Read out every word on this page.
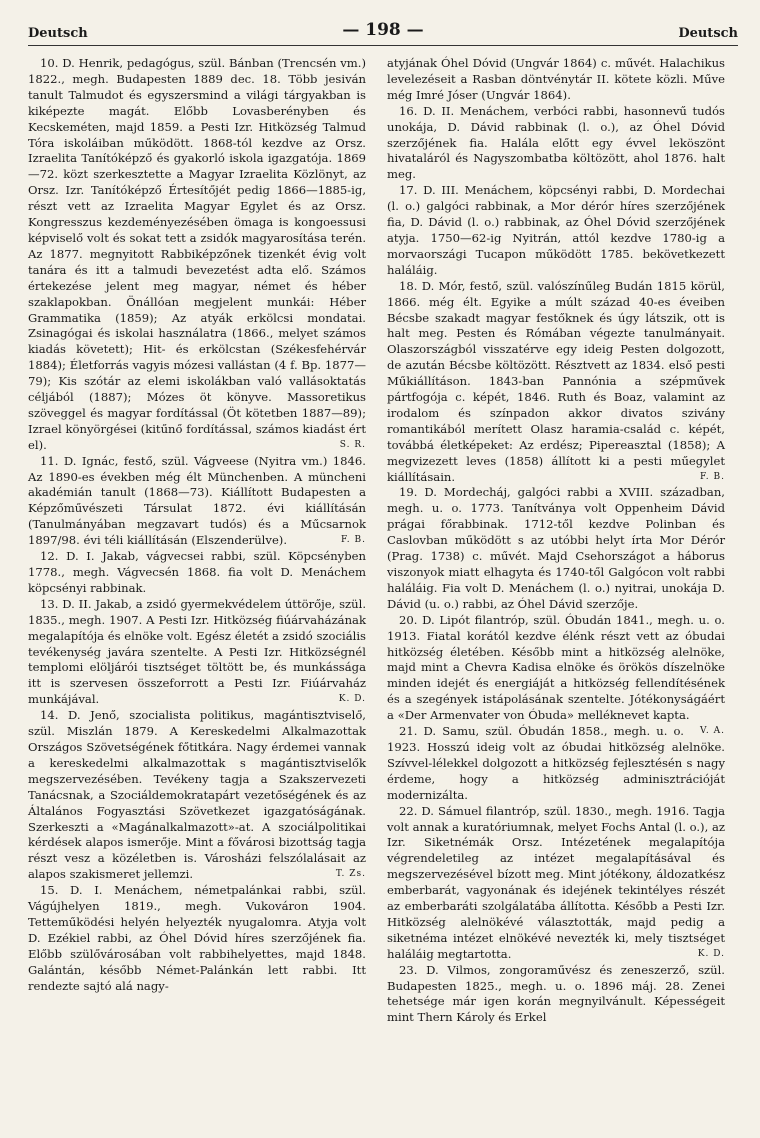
Deutsch	— 198 —	Deutsch

10. D. Henrik, pedagógus, szül. Bánban (Trencsén vm.) 1822., megh. Budapesten 1889 dec. 18. Több jesiván tanult Talmudot és egyszersmind a világi tárgyakban is kiképezte magát. Előbb Lovasberényben és Kecskeméten, majd 1859. a Pesti Izr. Hitközség Talmud Tóra iskoláiban működött. 1868-tól kezdve az Orsz. Izraelita Tanítóképző és gyakorló iskola igazgatója. 1869—72. közt szerkesztette a Magyar Izraelita Közlönyt, az Orsz. Izr. Tanítóképző Értesítőjét pedig 1866—1885-ig, részt vett az Izraelita Magyar Egylet és az Orsz. Kongresszus kezdeményezésében ömaga is kongoessusi képviselő volt és sokat tett a zsidók magyarosítása terén. Az 1877. megnyitott Rabbiképzőnek tizenkét évig volt tanára és itt a talmudi bevezetést adta elő. Számos értekezése jelent meg magyar, német és héber szaklapokban. Önállóan megjelent munkái: Héber Grammatika (1859); Az atyák erkölcsi mondatai. Zsinagógai és iskolai használatra (1866., melyet számos kiadás követett); Hit- és erkölcstan (Székesfehérvár 1884); Életforrás vagyis mózesi vallástan (4 f. Bp. 1877—79); Kis szótár az elemi iskolákban való vallásoktatás céljából (1887); Mózes öt könyve. Massoretikus szöveggel és magyar fordítással (Öt kötetben 1887—89); Izrael könyörgései (kitűnő fordítással, számos kiadást ért el).	S. R.

11. D. Ignác, festő, szül. Vágveese (Nyitra vm.) 1846. Az 1890-es években még élt Münchenben. A müncheni akadémián tanult (1868—73). Kiállított Budapesten a Képzőművészeti Társulat 1872. évi kiállításán (Tanulmányában megzavart tudós) és a Műcsarnok 1897/98. évi téli kiállításán (Elszenderülve).	F. B.

12. D. I. Jakab, vágvecsei rabbi, szül. Köpcsényben 1778., megh. Vágvecsén 1868. fia volt D. Menáchem köpcsényi rabbinak.

13. D. II. Jakab, a zsidó gyermekvédelem úttörője, szül. 1835., megh. 1907. A Pesti Izr. Hitközség fiúárvaházának megalapítója és elnöke volt. Egész életét a zsidó szociális tevékenység javára szentelte. A Pesti Izr. Hitközségnél templomi elöljárói tisztséget töltött be, és munkássága itt is szervesen összeforrott a Pesti Izr. Fiúárvaház munkájával.	K. D.

14. D. Jenő, szocialista politikus, magántisztviselő, szül. Miszlán 1879. A Kereskedelmi Alkalmazottak Országos Szövetségének főtitkára. Nagy érdemei vannak a kereskedelmi alkalmazottak s magántisztviselők megszervezésében. Tevékeny tagja a Szakszervezeti Tanácsnak, a Szociáldemokratapárt vezetőségének és az Általános Fogyasztási Szövetkezet igazgatóságának. Szerkeszti a «Magánalkalmazott»-at. A szociálpolitikai kérdések alapos ismerője. Mint a fővárosi bizottság tagja részt vesz a közéletben is. Városházi felszólalásait az alapos szakismeret jellemzi.	T. Zs.

15. D. I. Menáchem, németpalánkai rabbi, szül. Vágújhelyen 1819., megh. Vukováron 1904. Tetteműködési helyén helyezték nyugalomra. Atyja volt D. Ezékiel rabbi, az Óhel Dóvid híres szerzőjének fia. Előbb szülővárosában volt rabbihelyettes, majd 1848. Galántán, később Német-Palánkán lett rabbi. Itt rendezte sajtó alá nagy-

atyjának Óhel Dóvid (Ungvár 1864) c. művét. Halachikus levelezéseit a Rasban döntvénytár II. kötete közli. Műve még Imré Jóser (Ungvár 1864).

16. D. II. Menáchem, verbóci rabbi, hasonnevű tudós unokája, D. Dávid rabbinak (l. o.), az Óhel Dóvid szerzőjének fia. Halála előtt egy évvel leköszönt hivataláról és Nagyszombatba költözött, ahol 1876. halt meg.

17. D. III. Menáchem, köpcsényi rabbi, D. Mordechai (l. o.) galgóci rabbinak, a Mor dérór híres szerzőjének fia, D. Dávid (l. o.) rabbinak, az Óhel Dóvid szerzőjének atyja. 1750—62-ig Nyitrán, attól kezdve 1780-ig a morvaországi Tucapon működött 1785. bekövetkezett haláláig.

18. D. Mór, festő, szül. valószínűleg Budán 1815 körül, 1866. még élt. Egyike a múlt század 40-es éveiben Bécsbe szakadt magyar festőknek és úgy látszik, ott is halt meg. Pesten és Rómában végezte tanulmányait. Olaszországból visszatérve egy ideig Pesten dolgozott, de azután Bécsbe költözött. Résztvett az 1834. első pesti Műkiállításon. 1843-ban Pannónia a szépművek pártfogója c. képét, 1846. Ruth és Boaz, valamint az irodalom és színpadon akkor divatos szivány romantikából merített Olasz haramia-család c. képét, továbbá életképeket: Az erdész; Pipereasztal (1858); A megvizezett leves (1858) állított ki a pesti műegylet kiállításain.	F. B.

19. D. Mordecháj, galgóci rabbi a XVIII. században, megh. u. o. 1773. Tanítványa volt Oppenheim Dávid prágai főrabbinak. 1712-től kezdve Polinban és Caslovban működött s az utóbbi helyt írta Mor Dérór (Prag. 1738) c. művét. Majd Csehországot a háborus viszonyok miatt elhagyta és 1740-től Galgócon volt rabbi haláláig. Fia volt D. Menáchem (l. o.) nyitrai, unokája D. Dávid (u. o.) rabbi, az Óhel Dávid szerzője.

20. D. Lipót filantróp, szül. Óbudán 1841., megh. u. o. 1913. Fiatal korától kezdve élénk részt vett az óbudai hitközség életében. Később mint a hitközség alelnöke, majd mint a Chevra Kadisa elnöke és örökös díszelnöke minden idejét és energiáját a hitközség fellendítésének és a szegények istápolásának szentelte. Jótékonyságáért a «Der Armenvater von Óbuda» melléknevet kapta.
V. A.

21. D. Samu, szül. Óbudán 1858., megh. u. o. 1923. Hosszú ideig volt az óbudai hitközség alelnöke. Szívvel-lélekkel dolgozott a hitközség fejlesztésén s nagy érdeme, hogy a hitközség adminisztrációját modernizálta.

22. D. Sámuel filantróp, szül. 1830., megh. 1916. Tagja volt annak a kuratóriumnak, melyet Fochs Antal (l. o.), az Izr. Siketnémák Orsz. Intézetének megalapítója végrendeletileg az intézet megalapításával és megszervezésével bízott meg. Mint jótékony, áldozatkész emberbarát, vagyonának és idejének tekintélyes részét az emberbaráti szolgálatába állította. Később a Pesti Izr. Hitközség alelnökévé választották, majd pedig a siketnéma intézet elnökévé nevezték ki, mely tisztséget haláláig megtartotta.	K. D.

23. D. Vilmos, zongoraművész és zeneszerző, szül. Budapesten 1825., megh. u. o. 1896 máj. 28. Zenei tehetsége már igen korán megnyilvánult. Képességeit mint Thern Károly és Erkel
